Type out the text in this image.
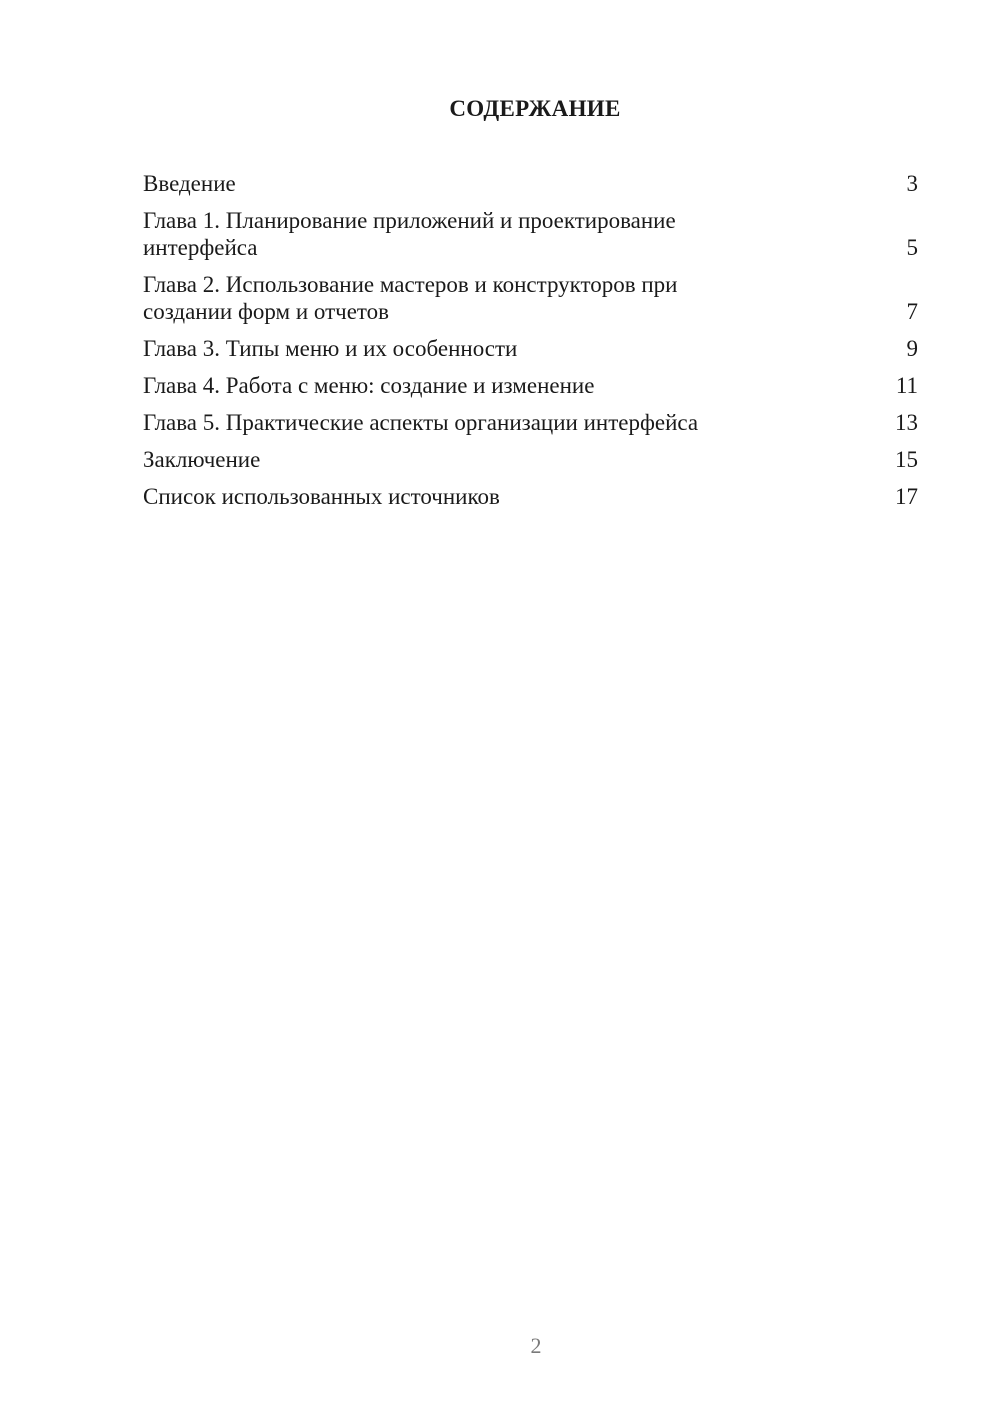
СОДЕРЖАНИЕ
Введение	3
Глава 1. Планирование приложений и проектирование интерфейса	5
Глава 2. Использование мастеров и конструкторов при создании форм и отчетов	7
Глава 3. Типы меню и их особенности	9
Глава 4. Работа с меню: создание и изменение	11
Глава 5. Практические аспекты организации интерфейса	13
Заключение	15
Список использованных источников	17
2
